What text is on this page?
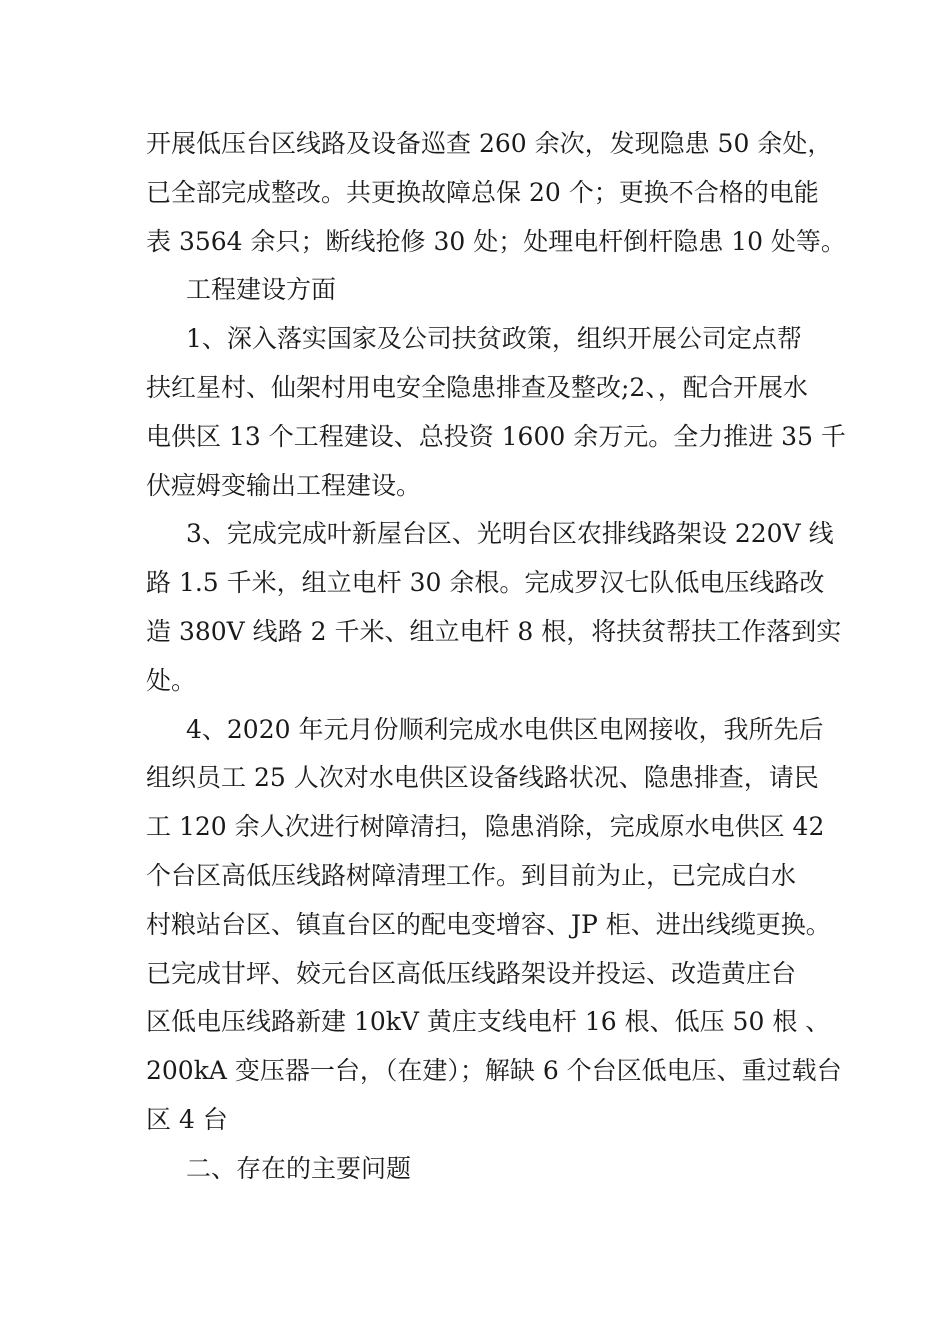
开展低压台区线路及设备巡查 260 余次，发现隐患 50 余处，
已全部完成整改。共更换故障总保 20 个；更换不合格的电能
表 3564 余只；断线抢修 30 处；处理电杆倒杆隐患 10 处等。
工程建设方面
1、深入落实国家及公司扶贫政策，组织开展公司定点帮
扶红星村、仙架村用电安全隐患排查及整改;2、，配合开展水
电供区 13 个工程建设、总投资 1600 余万元。全力推进 35 千
伏痘姆变输出工程建设。
3、完成完成叶新屋台区、光明台区农排线路架设 220V 线
路 1.5 千米，组立电杆 30 余根。完成罗汉七队低电压线路改
造 380V 线路 2 千米、组立电杆 8 根，将扶贫帮扶工作落到实
处。
4、2020 年元月份顺利完成水电供区电网接收，我所先后
组织员工 25 人次对水电供区设备线路状况、隐患排查，请民
工 120 余人次进行树障清扫，隐患消除，完成原水电供区 42
个台区高低压线路树障清理工作。到目前为止，已完成白水
村粮站台区、镇直台区的配电变增容、JP 柜、进出线缆更换。
已完成甘坪、姣元台区高低压线路架设并投运、改造黄庄台
区低电压线路新建 10kV 黄庄支线电杆 16 根、低压 50 根 、
200kA 变压器一台，（在建）；解缺 6 个台区低电压、重过载台
区 4 台
二、存在的主要问题
